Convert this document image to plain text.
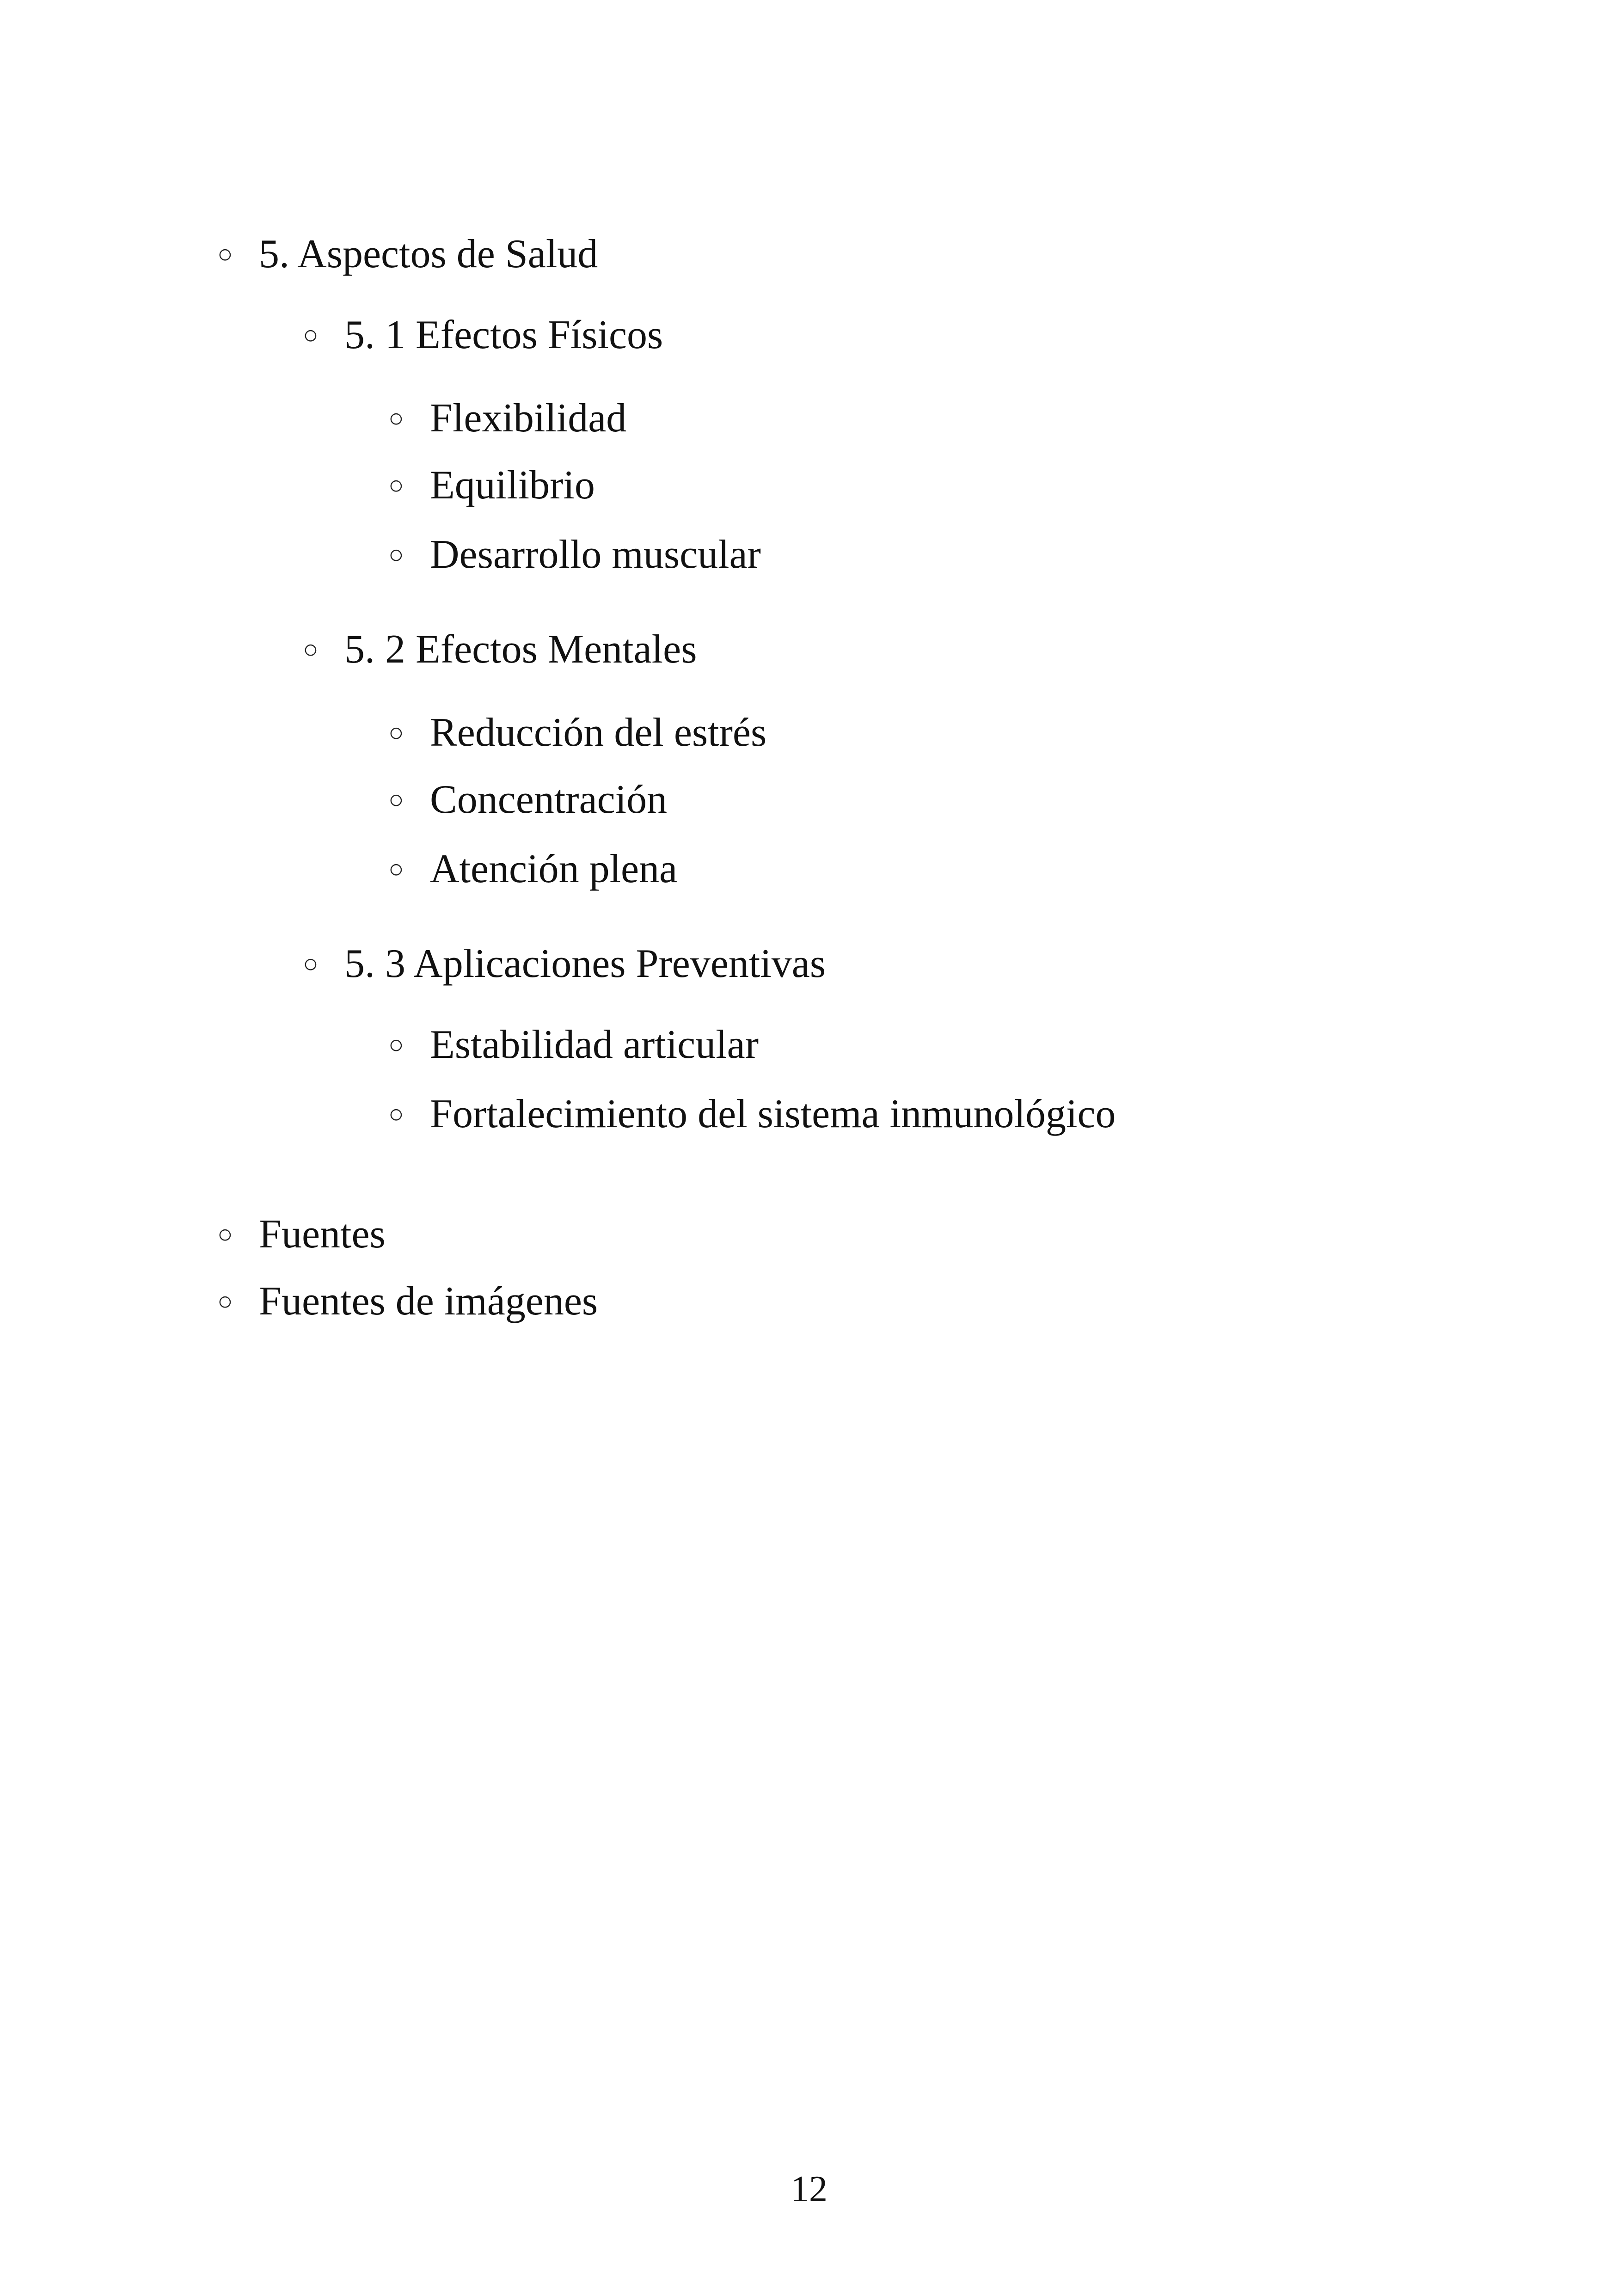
○ 5. Aspectos de Salud
○ 5. 1 Efectos Físicos
○ Flexibilidad
○ Equilibrio
○ Desarrollo muscular
○ 5. 2 Efectos Mentales
○ Reducción del estrés
○ Concentración
○ Atención plena
○ 5. 3 Aplicaciones Preventivas
○ Estabilidad articular
○ Fortalecimiento del sistema inmunológico
○ Fuentes
○ Fuentes de imágenes
12
